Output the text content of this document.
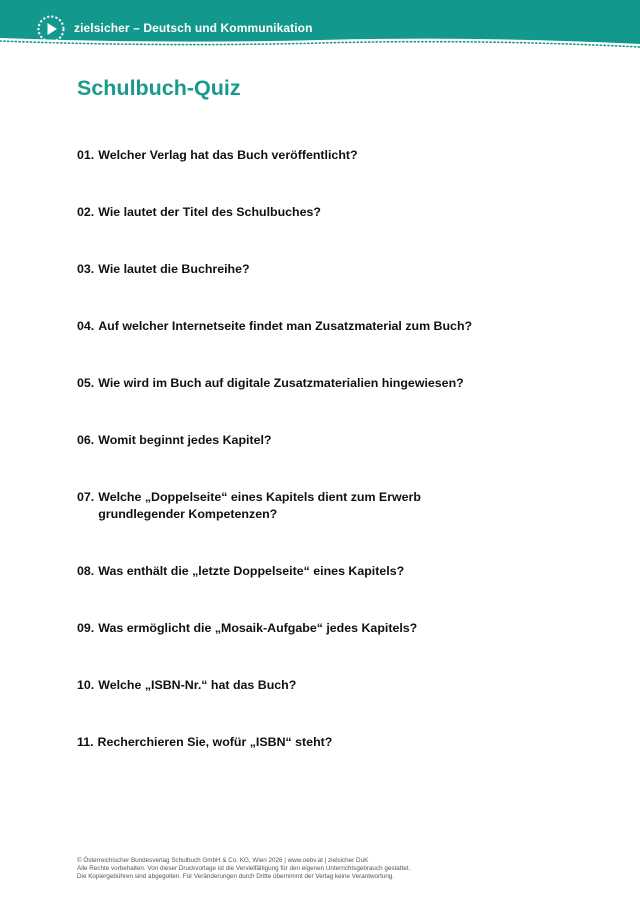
zielsicher – Deutsch und Kommunikation
Schulbuch-Quiz
01. Welcher Verlag hat das Buch veröffentlicht?
02. Wie lautet der Titel des Schulbuches?
03. Wie lautet die Buchreihe?
04. Auf welcher Internetseite findet man Zusatzmaterial zum Buch?
05. Wie wird im Buch auf digitale Zusatzmaterialien hingewiesen?
06. Womit beginnt jedes Kapitel?
07. Welche „Doppelseite“ eines Kapitels dient zum Erwerb grundlegender Kompetenzen?
08. Was enthält die „letzte Doppelseite“ eines Kapitels?
09. Was ermöglicht die „Mosaik-Aufgabe“ jedes Kapitels?
10. Welche „ISBN-Nr.“ hat das Buch?
11. Recherchieren Sie, wofür „ISBN“ steht?
© Österreichischer Bundesverlag Schulbuch GmbH & Co. KG, Wien 2026 | www.oebv.at | zielsicher DuK
Alle Rechte vorbehalten. Von dieser Druckvorlage ist die Vervielfältigung für den eigenen Unterrichtsgebrauch gestattet.
Die Kopiergebühren sind abgegolten. Für Veränderungen durch Dritte übernimmt der Verlag keine Verantwortung.
